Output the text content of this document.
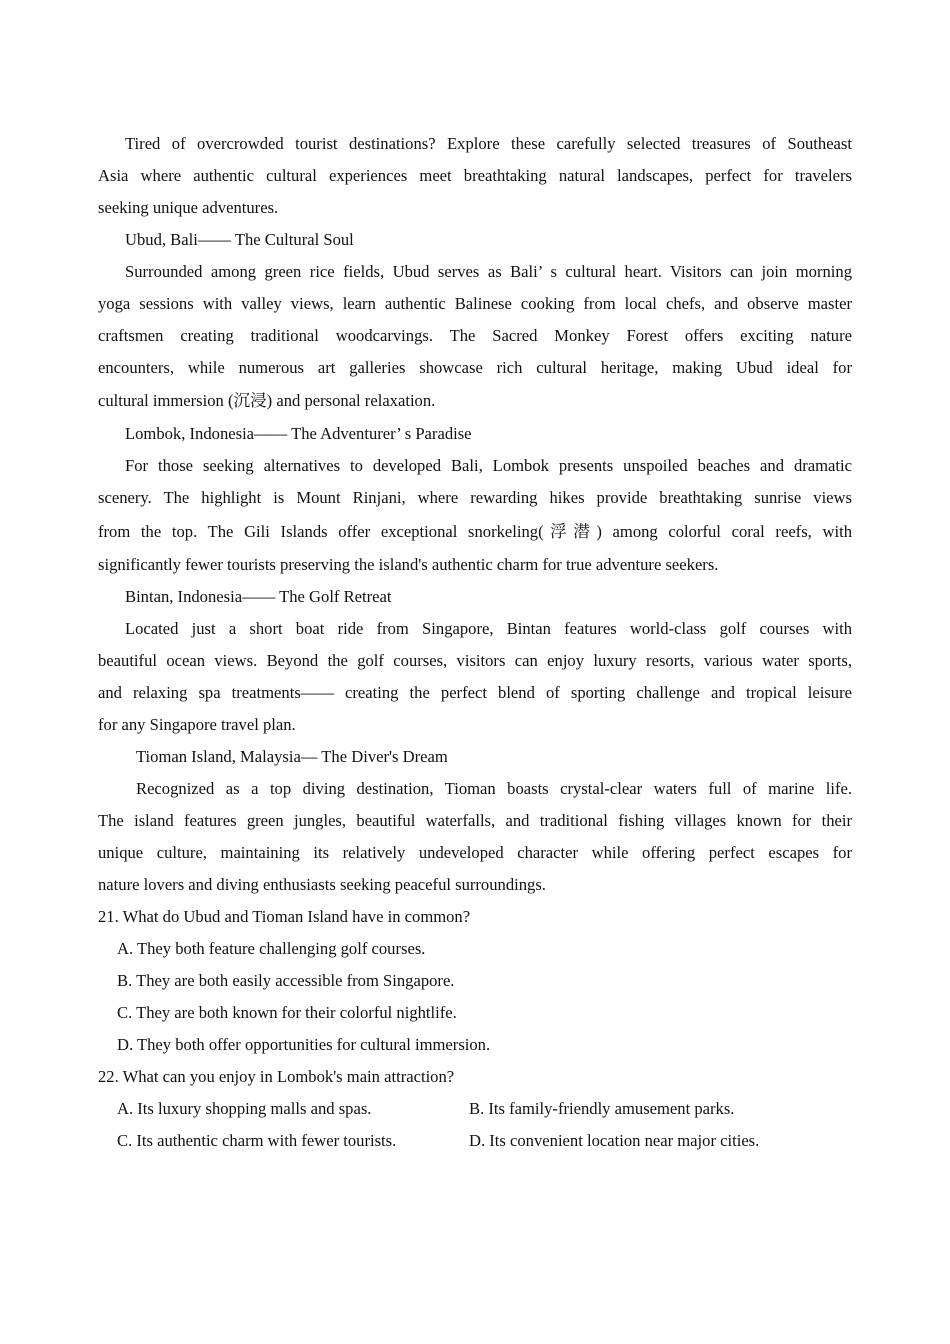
Tired of overcrowded tourist destinations? Explore these carefully selected treasures of Southeast
Asia where authentic cultural experiences meet breathtaking natural landscapes, perfect for travelers
seeking unique adventures.
Ubud, Bali—— The Cultural Soul
Surrounded among green rice fields, Ubud serves as Bali’ s cultural heart. Visitors can join morning
yoga sessions with valley views, learn authentic Balinese cooking from local chefs, and observe master
craftsmen creating traditional woodcarvings. The Sacred Monkey Forest offers exciting nature
encounters, while numerous art galleries showcase rich cultural heritage, making Ubud ideal for
cultural immersion (沉浸) and personal relaxation.
Lombok, Indonesia—— The Adventurer’ s Paradise
For those seeking alternatives to developed Bali, Lombok presents unspoiled beaches and dramatic
scenery. The highlight is Mount Rinjani, where rewarding hikes provide breathtaking sunrise views
from the top. The Gili Islands offer exceptional snorkeling(浮潜) among colorful coral reefs, with
significantly fewer tourists preserving the island's authentic charm for true adventure seekers.
Bintan, Indonesia—— The Golf Retreat
Located just a short boat ride from Singapore, Bintan features world-class golf courses with
beautiful ocean views. Beyond the golf courses, visitors can enjoy luxury resorts, various water sports,
and relaxing spa treatments—— creating the perfect blend of sporting challenge and tropical leisure
for any Singapore travel plan.
Tioman Island, Malaysia— The Diver's Dream
Recognized as a top diving destination, Tioman boasts crystal-clear waters full of marine life.
The island features green jungles, beautiful waterfalls, and traditional fishing villages known for their
unique culture, maintaining its relatively undeveloped character while offering perfect escapes for
nature lovers and diving enthusiasts seeking peaceful surroundings.
21. What do Ubud and Tioman Island have in common?
A. They both feature challenging golf courses.
B. They are both easily accessible from Singapore.
C. They are both known for their colorful nightlife.
D. They both offer opportunities for cultural immersion.
22. What can you enjoy in Lombok's main attraction?
A. Its luxury shopping malls and spas.	B. Its family-friendly amusement parks.
C. Its authentic charm with fewer tourists.	D. Its convenient location near major cities.
